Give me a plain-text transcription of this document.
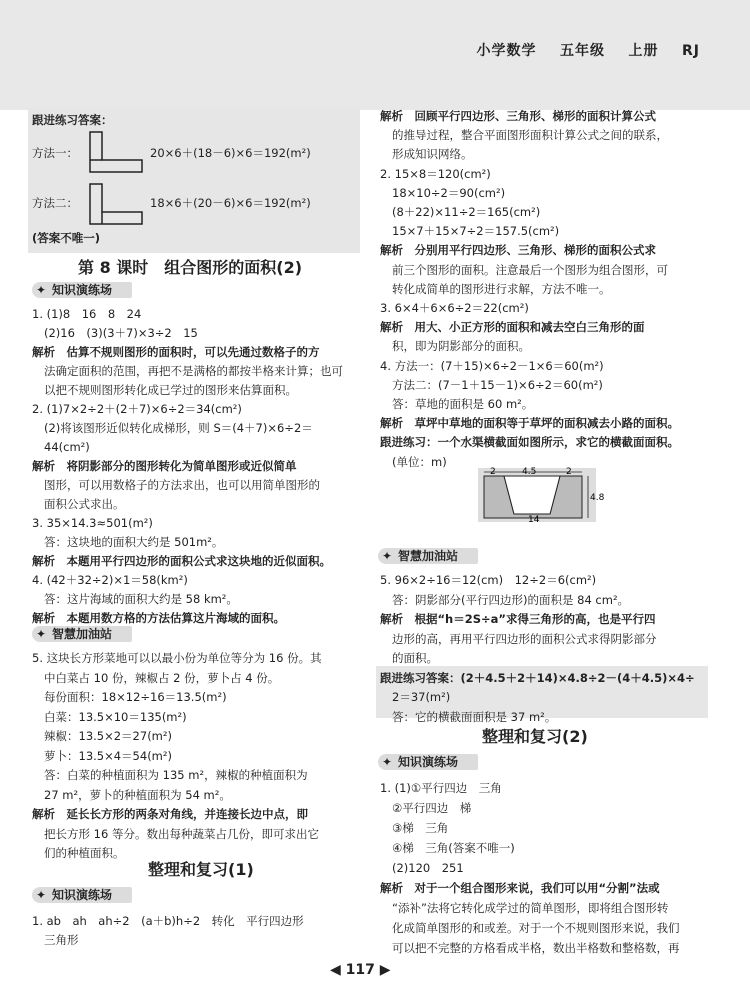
小学数学 五年级 上册 RJ
跟进练习答案：
方法一：	20×6＋(18－6)×6＝192(m²)
方法二：	18×6＋(20－6)×6＝192(m²)
(答案不唯一)
第 8 课时　组合图形的面积(2)
✦ 知识演练场
1. (1)8　16　8　24
(2)16　(3)(3＋7)×3÷2　15
解析　估算不规则图形的面积时，可以先通过数格子的方
法确定面积的范围，再把不是满格的都按半格来计算；也可
以把不规则图形转化成已学过的图形来估算面积。
2. (1)7×2÷2＋(2＋7)×6÷2＝34(cm²)
(2)将该图形近似转化成梯形，则 S＝(4＋7)×6÷2＝
44(cm²)
解析　将阴影部分的图形转化为简单图形或近似简单
图形，可以用数格子的方法求出，也可以用简单图形的
面积公式求出。
3. 35×14.3≈501(m²)
答：这块地的面积大约是 501m²。
解析　本题用平行四边形的面积公式求这块地的近似面积。
4. (42＋32÷2)×1＝58(km²)
答：这片海域的面积大约是 58 km²。
解析　本题用数方格的方法估算这片海域的面积。
✦ 智慧加油站
5. 这块长方形菜地可以以最小份为单位等分为 16 份。其
中白菜占 10 份，辣椒占 2 份，萝卜占 4 份。
每份面积：18×12÷16＝13.5(m²)
白菜：13.5×10＝135(m²)
辣椒：13.5×2＝27(m²)
萝卜：13.5×4＝54(m²)
答：白菜的种植面积为 135 m²，辣椒的种植面积为
27 m²，萝卜的种植面积为 54 m²。
解析　延长长方形的两条对角线，并连接长边中点，即
把长方形 16 等分。数出每种蔬菜占几份，即可求出它
们的种植面积。
整理和复习(1)
✦ 知识演练场
1. ab　ah　ah÷2　(a＋b)h÷2　转化　平行四边形
三角形
解析　回顾平行四边形、三角形、梯形的面积计算公式
的推导过程，整合平面图形面积计算公式之间的联系，
形成知识网络。
2. 15×8＝120(cm²)
18×10÷2＝90(cm²)
(8＋22)×11÷2＝165(cm²)
15×7＋15×7÷2＝157.5(cm²)
解析　分别用平行四边形、三角形、梯形的面积公式求
前三个图形的面积。注意最后一个图形为组合图形，可
转化成简单的图形进行求解，方法不唯一。
3. 6×4＋6×6÷2＝22(cm²)
解析　用大、小正方形的面积和减去空白三角形的面
积，即为阴影部分的面积。
4. 方法一：(7＋15)×6÷2－1×6＝60(m²)
方法二：(7－1＋15－1)×6÷2＝60(m²)
答：草地的面积是 60 m²。
解析　草坪中草地的面积等于草坪的面积减去小路的面积。
跟进练习：一个水渠横截面如图所示，求它的横截面面积。
(单位：m)
2	4.5	2
4.8
14
✦ 智慧加油站
5. 96×2÷16＝12(cm)　12÷2＝6(cm²)
答：阴影部分(平行四边形)的面积是 84 cm²。
解析　根据“h＝2S÷a”求得三角形的高，也是平行四
边形的高，再用平行四边形的面积公式求得阴影部分
的面积。
跟进练习答案：(2＋4.5＋2＋14)×4.8÷2－(4＋4.5)×4÷
2＝37(m²)
答：它的横截面面积是 37 m²。
整理和复习(2)
✦ 知识演练场
1. (1)①平行四边　三角
②平行四边　梯
③梯　三角
④梯　三角(答案不唯一)
(2)120　251
解析　对于一个组合图形来说，我们可以用“分割”法或
“添补”法将它转化成学过的简单图形，即将组合图形转
化成简单图形的和或差。对于一个不规则图形来说，我们
可以把不完整的方格看成半格，数出半格数和整格数，再
◀ 117 ▶
